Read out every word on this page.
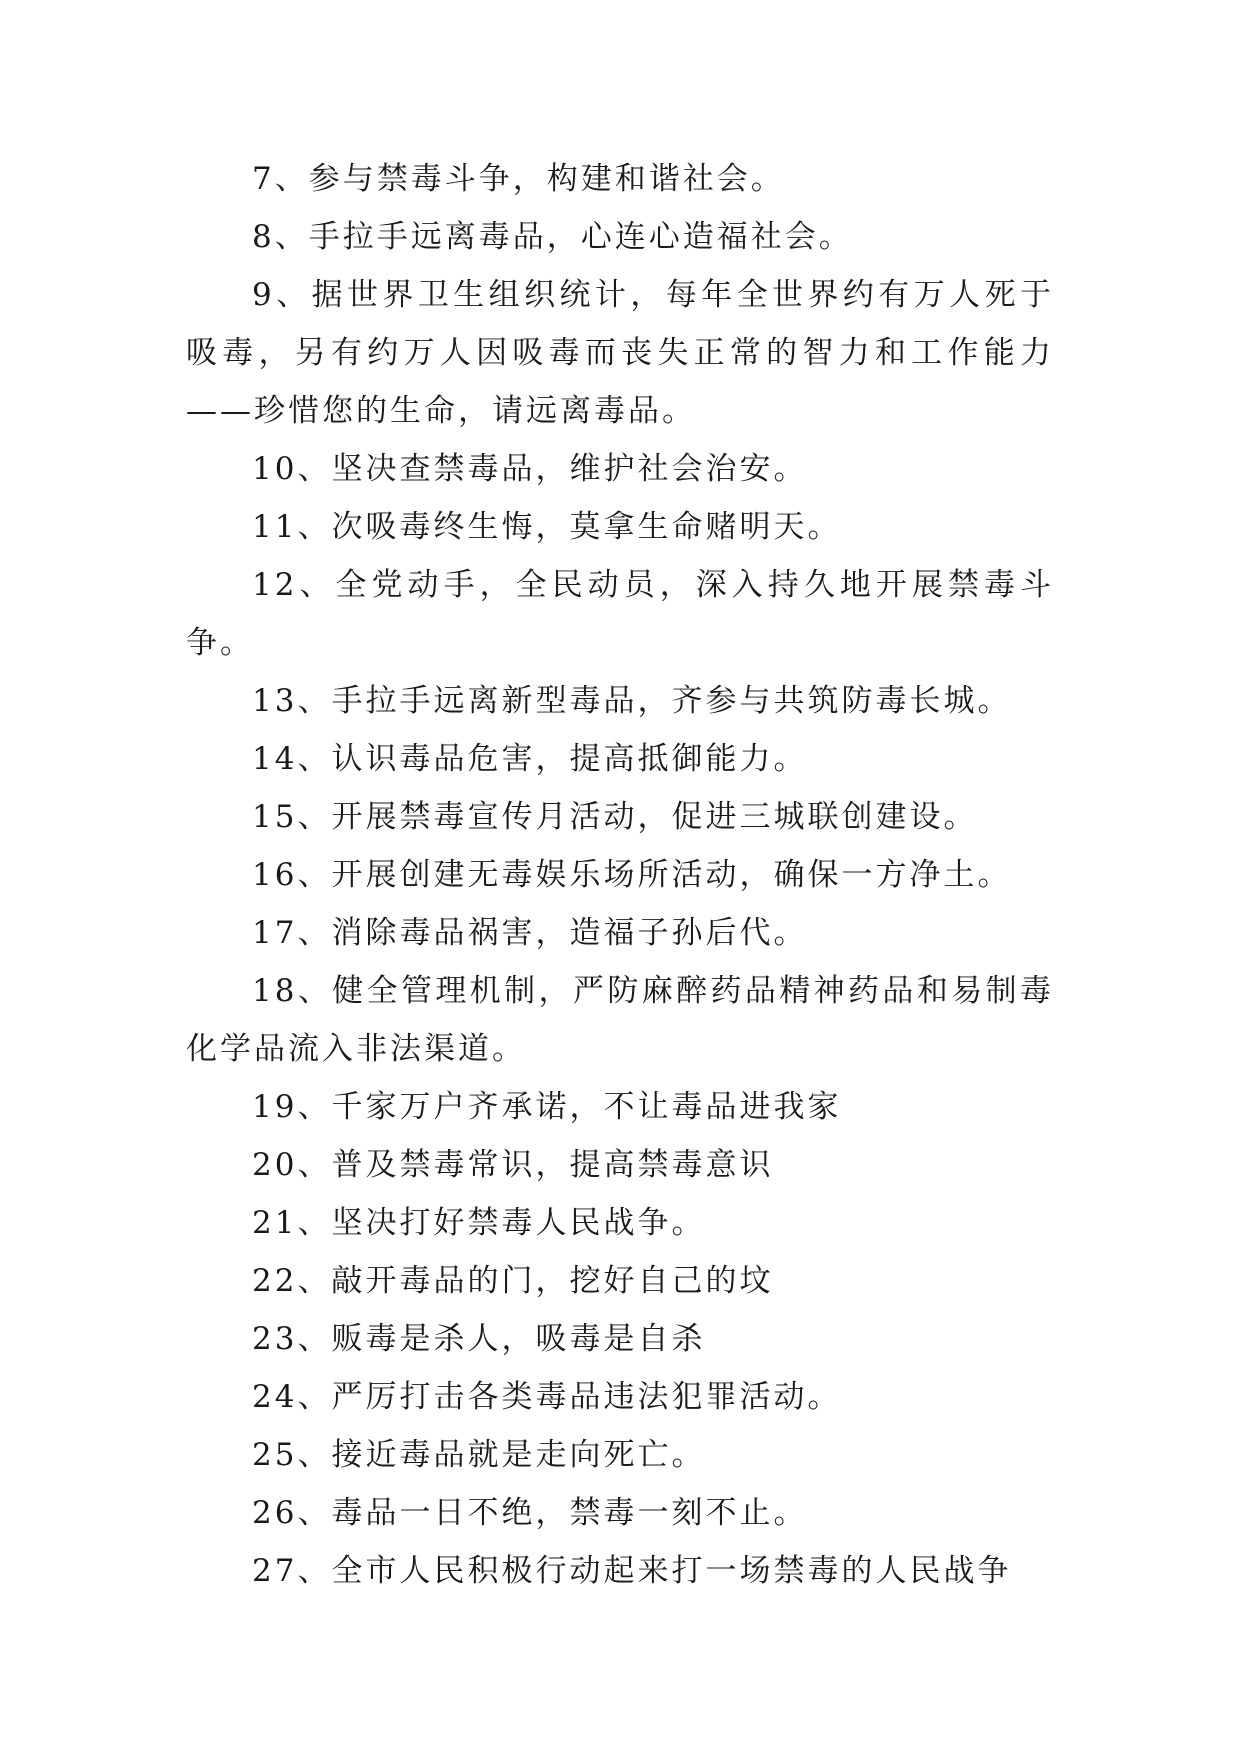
7、参与禁毒斗争，构建和谐社会。

8、手拉手远离毒品，心连心造福社会。

9、据世界卫生组织统计，每年全世界约有万人死于吸毒，另有约万人因吸毒而丧失正常的智力和工作能力——珍惜您的生命，请远离毒品。

10、坚决查禁毒品，维护社会治安。

11、次吸毒终生悔，莫拿生命赌明天。

12、全党动手，全民动员，深入持久地开展禁毒斗争。

13、手拉手远离新型毒品，齐参与共筑防毒长城。

14、认识毒品危害，提高抵御能力。

15、开展禁毒宣传月活动，促进三城联创建设。

16、开展创建无毒娱乐场所活动，确保一方净土。

17、消除毒品祸害，造福子孙后代。

18、健全管理机制，严防麻醉药品精神药品和易制毒化学品流入非法渠道。

19、千家万户齐承诺，不让毒品进我家

20、普及禁毒常识，提高禁毒意识

21、坚决打好禁毒人民战争。

22、敲开毒品的门，挖好自己的坟

23、贩毒是杀人，吸毒是自杀

24、严厉打击各类毒品违法犯罪活动。

25、接近毒品就是走向死亡。

26、毒品一日不绝，禁毒一刻不止。

27、全市人民积极行动起来打一场禁毒的人民战争
